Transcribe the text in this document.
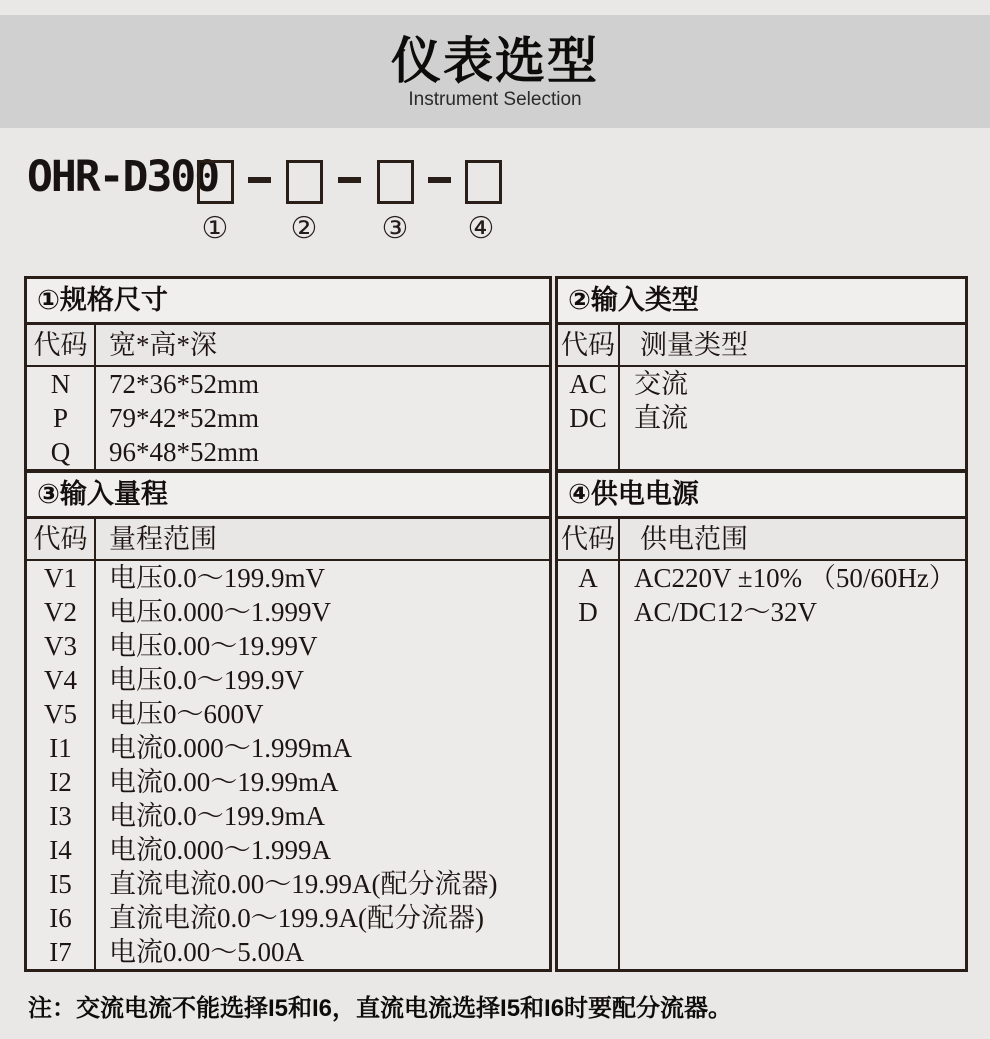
仪表选型
Instrument Selection
OHR-D300
① ② ③ ④
①规格尺寸
代码 宽*高*深
N
P
Q
72*36*52mm
79*42*52mm
96*48*52mm
③输入量程
代码 量程范围
V1
V2
V3
V4
V5
I1
I2
I3
I4
I5
I6
I7
电压0.0～199.9mV
电压0.000～1.999V
电压0.00～19.99V
电压0.0～199.9V
电压0～600V
电流0.000～1.999mA
电流0.00～19.99mA
电流0.0～199.9mA
电流0.000～1.999A
直流电流0.00～19.99A(配分流器)
直流电流0.0～199.9A(配分流器)
电流0.00～5.00A
②输入类型
代码 测量类型
AC
DC
交流
直流
④供电电源
代码 供电范围
A
D
AC220V ±10% （50/60Hz）
AC/DC12～32V
注：交流电流不能选择I5和I6，直流电流选择I5和I6时要配分流器。
